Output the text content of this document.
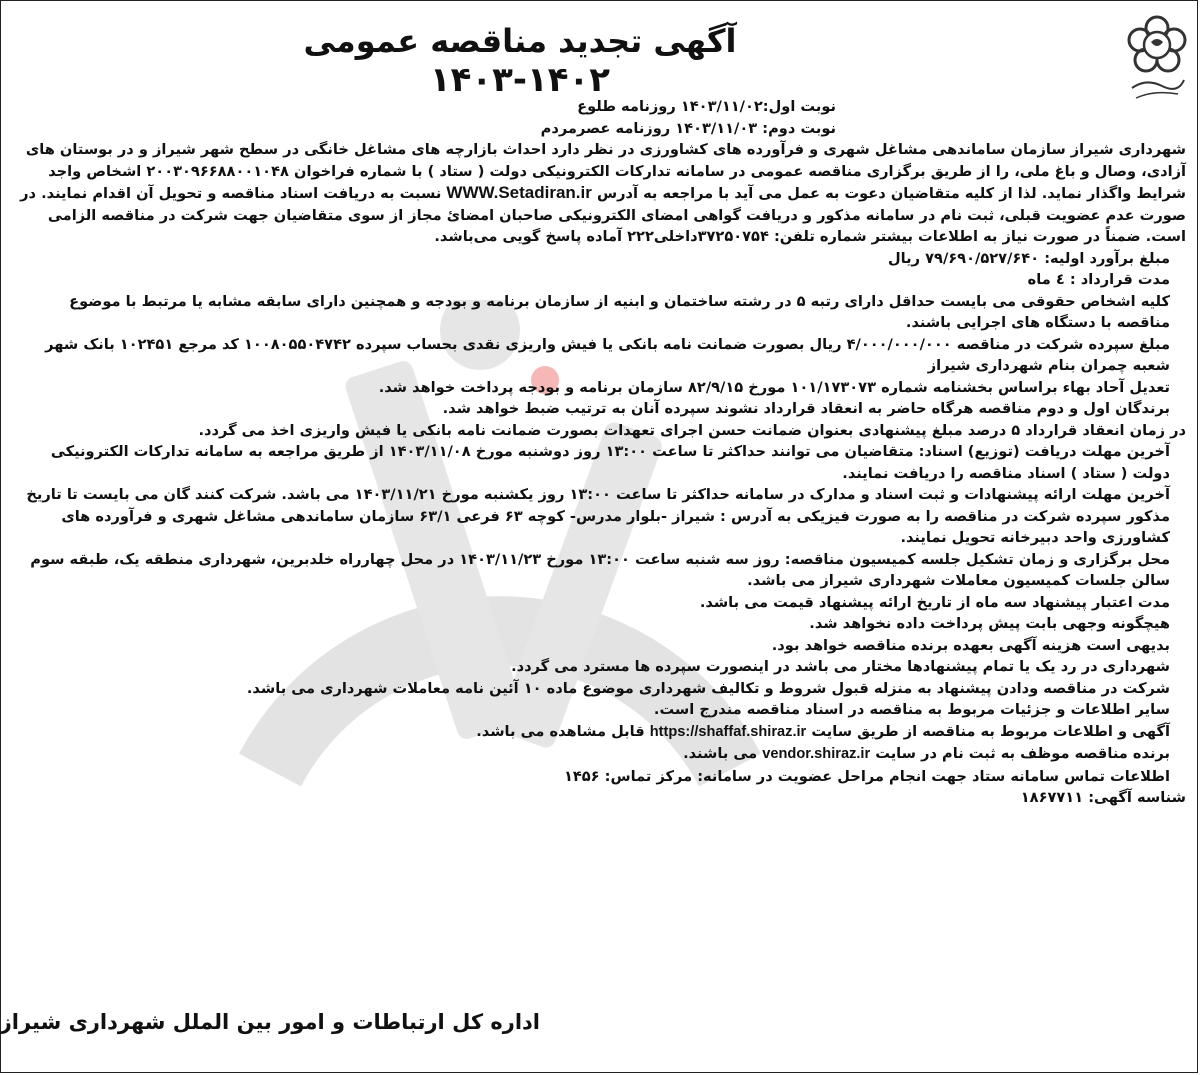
آگهی تجدید مناقصه عمومی
۱۴۰۳-۱۴۰۲

نوبت اول:۱۴۰۳/۱۱/۰۲ روزنامه طلوع

نوبت دوم: ۱۴۰۳/۱۱/۰۳ روزنامه عصرمردم

شهرداری شیراز سازمان ساماندهی مشاغل شهری و فرآورده های کشاورزی در نظر دارد احداث بازارچه های مشاغل خانگی در سطح شهر شیراز و در بوستان های آزادی، وصال و باغ ملی، را از طریق برگزاری مناقصه عمومی در سامانه تدارکات الکترونیکی دولت ( ستاد ) با شماره فراخوان ۲۰۰۳۰۹۶۶۸۸۰۰۱۰۴۸ اشخاص واجد شرایط واگذار نماید. لذا از کلیه متقاضیان دعوت به عمل می آید با مراجعه به آدرس WWW.Setadiran.ir نسبت به دریافت اسناد مناقصه و تحویل آن اقدام نمایند. در صورت عدم عضویت قبلی، ثبت نام در سامانه مذکور و دریافت گواهی امضای الکترونیکی صاحبان امضائ مجاز از سوی متقاضیان جهت شرکت در مناقصه الزامی است. ضمناً در صورت نیاز به اطلاعات بیشتر شماره تلفن: ۳۷۲۵۰۷۵۴داخلی۲۲۲ آماده پاسخ گویی می‌باشد.

مبلغ برآورد اولیه: ۷۹/۶۹۰/۵۲۷/۶۴۰ ریال

مدت قرارداد : ٤ ماه

کلیه اشخاص حقوقی می بایست حداقل دارای رتبه ۵ در رشته ساختمان و ابنیه از سازمان برنامه و بودجه و همچنین دارای سابقه مشابه یا مرتبط با موضوع مناقصه با دستگاه های اجرایی باشند.

مبلغ سپرده شرکت در مناقصه ۴/۰۰۰/۰۰۰/۰۰۰ ریال بصورت ضمانت نامه بانکی یا فیش واریزی نقدی بحساب سپرده ۱۰۰۸۰۵۵۰۴۷۴۲ کد مرجع ۱۰۲۴۵۱ بانک شهر شعبه چمران بنام شهرداری شیراز

تعدیل آحاد بهاء براساس بخشنامه شماره ۱۰۱/۱۷۳۰۷۳ مورخ ۸۲/۹/۱۵ سازمان برنامه و بودجه پرداخت خواهد شد.

برندگان اول و دوم مناقصه هرگاه حاضر به انعقاد قرارداد نشوند سپرده آنان به ترتیب ضبط خواهد شد.

در زمان انعقاد قرارداد ۵ درصد مبلغ پیشنهادی بعنوان ضمانت حسن اجرای تعهدات بصورت ضمانت نامه بانکی یا فیش واریزی اخذ می گردد.

آخرین مهلت دریافت (توزیع) اسناد: متقاضیان می توانند حداکثر تا ساعت ۱۳:۰۰ روز دوشنبه مورخ ۱۴۰۳/۱۱/۰۸ از طریق مراجعه به سامانه تدارکات الکترونیکی دولت ( ستاد ) اسناد مناقصه را دریافت نمایند.

آخرین مهلت ارائه پیشنهادات و ثبت اسناد و مدارک در سامانه حداکثر تا ساعت ۱۳:۰۰ روز یکشنبه مورخ ۱۴۰۳/۱۱/۲۱ می باشد. شرکت کنند گان می بایست تا تاریخ مذکور سپرده شرکت در مناقصه را به صورت فیزیکی به آدرس : شیراز -بلوار مدرس- کوچه ۶۳ فرعی ۶۳/۱ سازمان ساماندهی مشاغل شهری و فرآورده های کشاورزی واحد دبیرخانه تحویل نمایند.

محل برگزاری و زمان تشکیل جلسه کمیسیون مناقصه: روز سه شنبه ساعت ۱۳:۰۰ مورخ ۱۴۰۳/۱۱/۲۳ در محل چهارراه خلدبرین، شهرداری منطقه یک، طبقه سوم سالن جلسات کمیسیون معاملات شهرداری شیراز می باشد.

مدت اعتبار پیشنهاد سه ماه از تاریخ ارائه پیشنهاد قیمت می باشد.

هیچگونه وجهی بابت پیش پرداخت داده نخواهد شد.

بدیهی است هزینه آگهی بعهده برنده مناقصه خواهد بود.

شهرداری در رد یک یا تمام پیشنهادها مختار می باشد در اینصورت سپرده ها مسترد می گردد.

شرکت در مناقصه ودادن پیشنهاد به منزله قبول شروط و تکالیف شهرداری موضوع ماده ۱۰ آئین نامه معاملات شهرداری می باشد.

سایر اطلاعات و جزئیات مربوط به مناقصه در اسناد مناقصه مندرج است.

آگهی و اطلاعات مربوط به مناقصه از طریق سایت https://shaffaf.shiraz.ir قابل مشاهده می باشد.

برنده مناقصه موظف به ثبت نام در سایت vendor.shiraz.ir می باشند.

اطلاعات تماس سامانه ستاد جهت انجام مراحل عضویت در سامانه: مرکز تماس: ۱۴۵۶

شناسه آگهی: ۱۸۶۷۷۱۱

اداره کل ارتباطات و امور بین الملل شهرداری شیراز
